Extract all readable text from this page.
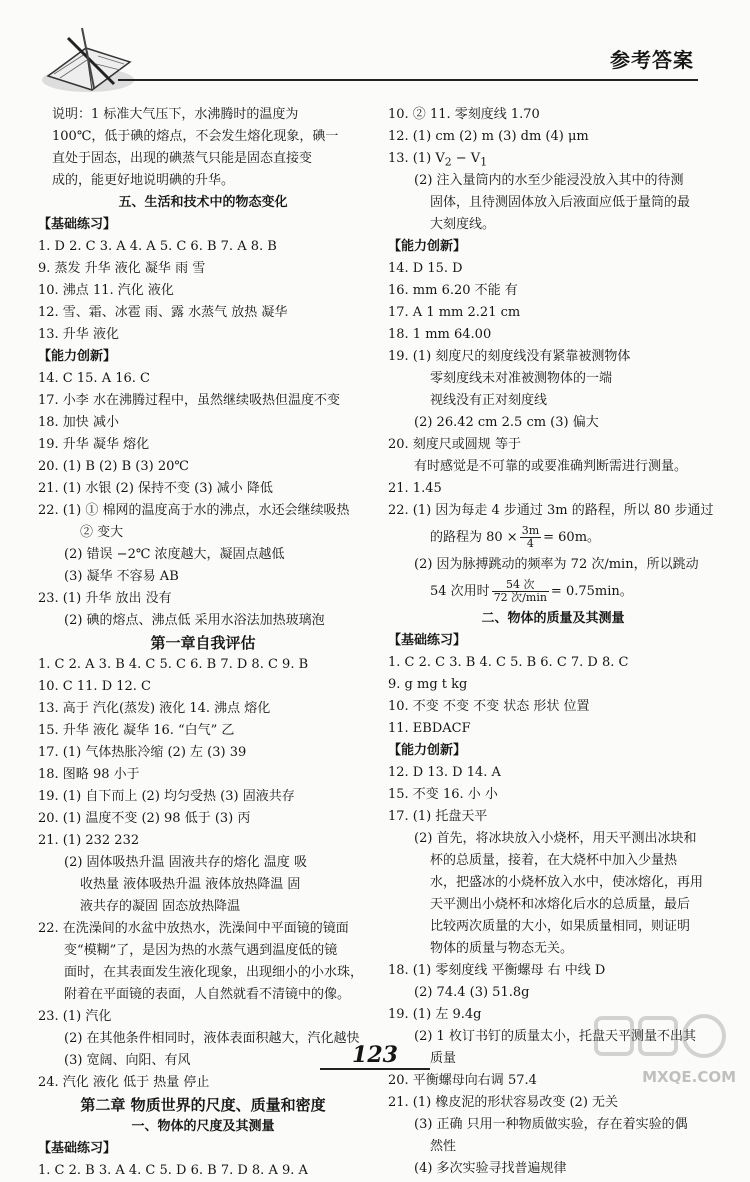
参考答案
说明：1 标准大气压下，水沸腾时的温度为
100℃，低于碘的熔点，不会发生熔化现象，碘一
直处于固态，出现的碘蒸气只能是固态直接变
成的，能更好地说明碘的升华。
五、生活和技术中的物态变化
【基础练习】
1. D 2. C 3. A 4. A 5. C 6. B 7. A 8. B
9. 蒸发 升华 液化 凝华 雨 雪
10. 沸点 11. 汽化 液化
12. 雪、霜、冰雹 雨、露 水蒸气 放热 凝华
13. 升华 液化
【能力创新】
14. C 15. A 16. C
17. 小李 水在沸腾过程中，虽然继续吸热但温度不变
18. 加快 减小
19. 升华 凝华 熔化
20. (1) B (2) B (3) 20℃
21. (1) 水银 (2) 保持不变 (3) 减小 降低
22. (1) ① 棉网的温度高于水的沸点，水还会继续吸热
② 变大
(2) 错误 −2℃ 浓度越大，凝固点越低
(3) 凝华 不容易 AB
23. (1) 升华 放出 没有
(2) 碘的熔点、沸点低 采用水浴法加热玻璃泡
第一章自我评估
1. C 2. A 3. B 4. C 5. C 6. B 7. D 8. C 9. B
10. C 11. D 12. C
13. 高于 汽化(蒸发) 液化 14. 沸点 熔化
15. 升华 液化 凝华 16. “白气” 乙
17. (1) 气体热胀冷缩 (2) 左 (3) 39
18. 图略 98 小于
19. (1) 自下而上 (2) 均匀受热 (3) 固液共存
20. (1) 温度不变 (2) 98 低于 (3) 丙
21. (1) 232 232
(2) 固体吸热升温 固液共存的熔化 温度 吸
收热量 液体吸热升温 液体放热降温 固
液共存的凝固 固态放热降温
22. 在洗澡间的水盆中放热水，洗澡间中平面镜的镜面
变“模糊”了，是因为热的水蒸气遇到温度低的镜
面时，在其表面发生液化现象，出现细小的小水珠，
附着在平面镜的表面，人自然就看不清镜中的像。
23. (1) 汽化
(2) 在其他条件相同时，液体表面积越大，汽化越快
(3) 宽阔、向阳、有风
24. 汽化 液化 低于 热量 停止
第二章 物质世界的尺度、质量和密度
一、物体的尺度及其测量
【基础练习】
1. C 2. B 3. A 4. C 5. D 6. B 7. D 8. A 9. A
10. ② 11. 零刻度线 1.70
12. (1) cm (2) m (3) dm (4) μm
13. (1) $V_2 - V_1$
(2) 注入量筒内的水至少能浸没放入其中的待测
固体，且待测固体放入后液面应低于量筒的最
大刻度线。
【能力创新】
14. D 15. D
16. mm 6.20 不能 有
17. A 1 mm 2.21 cm
18. 1 mm 64.00
19. (1) 刻度尺的刻度线没有紧靠被测物体
零刻度线未对准被测物体的一端
视线没有正对刻度线
(2) 26.42 cm 2.5 cm (3) 偏大
20. 刻度尺或圆规 等于
有时感觉是不可靠的或要准确判断需进行测量。
21. 1.45
22. (1) 因为每走 4 步通过 3m 的路程，所以 80 步通过
的路程为 $80 \times \frac{3m}{4} = 60m$。
(2) 因为脉搏跳动的频率为 72 次/min，所以跳动
54 次用时 $\frac{\text{54 次}}{\text{72 次/min}} = 0.75\min$。
二、物体的质量及其测量
【基础练习】
1. C 2. C 3. B 4. C 5. B 6. C 7. D 8. C
9. g mg t kg
10. 不变 不变 不变 状态 形状 位置
11. EBDACF
【能力创新】
12. D 13. D 14. A
15. 不变 16. 小 小
17. (1) 托盘天平
(2) 首先，将冰块放入小烧杯，用天平测出冰块和
杯的总质量，接着，在大烧杯中加入少量热
水，把盛冰的小烧杯放入水中，使冰熔化，再用
天平测出小烧杯和冰熔化后水的总质量，最后
比较两次质量的大小，如果质量相同，则证明
物体的质量与物态无关。
18. (1) 零刻度线 平衡螺母 右 中线 D
(2) 74.4 (3) 51.8g
19. (1) 左 9.4g
(2) 1 枚订书钉的质量太小，托盘天平测量不出其
质量
20. 平衡螺母向右调 57.4
21. (1) 橡皮泥的形状容易改变 (2) 无关
(3) 正确 只用一种物质做实验，存在着实验的偶
然性
(4) 多次实验寻找普遍规律
123
MXQE.COM
